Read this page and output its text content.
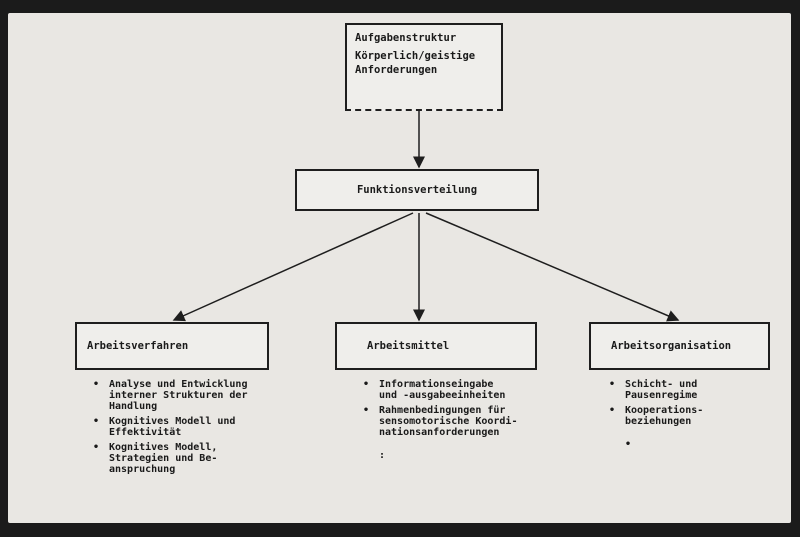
Aufgabenstruktur
Körperlich/geistige
Anforderungen
Funktionsverteilung
Arbeitsverfahren	Arbeitsmittel	Arbeitsorganisation
• Analyse und Entwicklung
interner Strukturen der
Handlung
• Kognitives Modell und
Effektivität
• Kognitives Modell,
Strategien und Be-
anspruchung
• Informationseingabe
und -ausgabeeinheiten
• Rahmenbedingungen für
sensomotorische Koordi-
nationsanforderungen
:
• Schicht- und
Pausenregime
• Kooperations-
beziehungen
•
